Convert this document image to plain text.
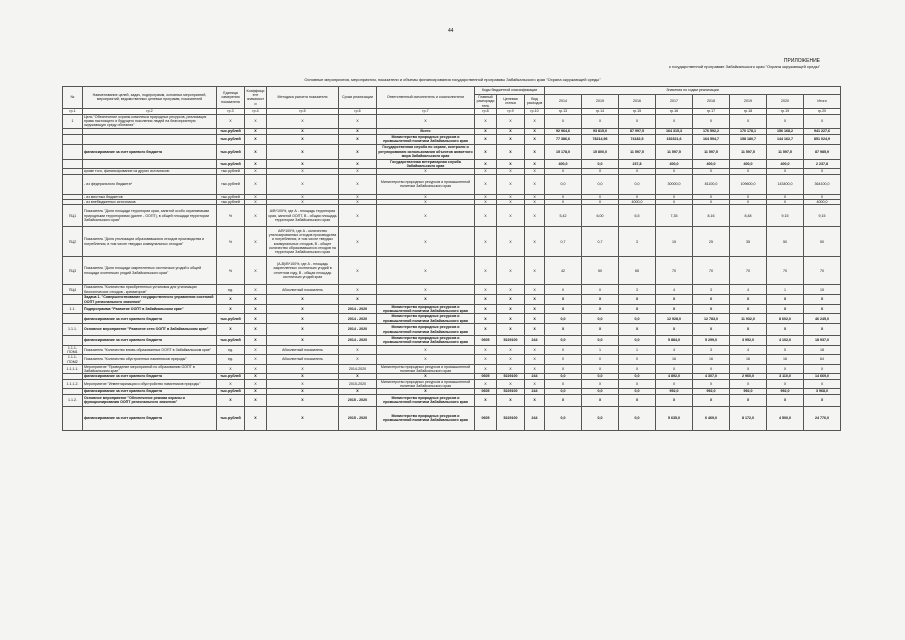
44
ПРИЛОЖЕНИЕ
к государственной программе Забайкальского края "Охрана окружающей среды"
Основные мероприятия, мероприятия, показатели и объемы финансирования государственной программы Забайкальского края "Охрана окружающей среды"
№	Наименование целей, задач, подпрограмм, основных мероприятий, мероприятий, ведомственных целевых программ, показателей	Единица измерения показателя	Коэффициент значимости	Методика расчета показателя	Сроки реализации	Ответственный исполнитель и соисполнители	Коды бюджетной классификации			Значения по годам реализации							
							Главный распорядитель	Целевая статья	Вид расходов	2014	2015	2016	2017	2018	2019	2020	Итого

гр.1	гр.2	гр.3	гр.4	гр.5	гр.6	гр.7	гр.8	гр.9	гр.10	гр.13	гр.14	гр.15	гр.16	гр.17	гр.18	гр.19	гр.20
1	Цель "Обеспечение охраны комплекса природных ресурсов, реализация права настоящего и будущего поколения людей на благоприятную окружающую среду обитания"	X	X	X	X	X	X	X	X	X	X	X	X	X	X	X	X
		тыс.рублей	X	X	X	Всего	X	X	X	92 964,6	93 815,0	87 997,5	164 315,3	176 592,2	170 178,1	156 168,2	941 227,6
		тыс.рублей	X	X	X	Министерство природных ресурсов и промышленной политики Забайкальского края	X	X	X	77 386,6	78214,96	74182,5	152321,6	164 594,7	158 180,7	144 162,7	851 024,9
	финансирование за счет краевого бюджета	тыс.рублей	X	X	X	Государственная служба по охране, контролю и регулированию использования объектов животного мира Забайкальского края	X	X	X	15 178,0	15 800,0	11 597,5	11 597,5	11 597,5	11 597,5	11 597,5	87 985,9
		тыс.рублей	X	X	X	Государственная ветеринарная служба Забайкальского края	X	X	X	400,0	0,0	237,8	400,0	400,0	400,0	400,0	2 237,8
	кроме того, финансирование из других источников:	тыс.рублей	X	X	X	X	X	X	X	X	X	X	X	X	X	X	X
	- из федерального бюджета*	тыс.рублей	X	X	X	Министерство природных ресурсов и промышленной политики Забайкальского края	X	X	X	0,0	0,0	0,0	30000,0	81100,0	109600,0	143400,0	364100,0
	- из местных бюджетов	тыс.рублей	X	X	X	X	X	X	X	0	0	0	0	0	0	0	0
	- из внебюджетных источников	тыс.рублей	X	X	X	X	X	X	X	0	0	4000,0	0	0	0	0	4000,0
ПЦ1	Показатель "Доля площади территории края, занятой особо охраняемыми природными территориями (далее - ООПТ), в общей площади территории Забайкальского края"	%	X	A/B*100%, где А - площадь территории края, занятой ООПТ, В - общая площадь территории Забайкальского края	X	X	X	X	X	5,42	6,00	6,5	7,35	8,16	8,48	9,15	9,15
ПЦ2	Показатель "Доля утилизации образовавшихся отходов производства и потребления, в том числе твердых коммунальных отходов"	%	X	A/B*100%, где А - количество утилизированных отходов производства и потребления, в том числе твердых коммунальных отходов, В - общее количество образовавшихся отходов на территории Забайкальского края	X	X	X	X	X	0,7	0,7	3	15	25	35	50	50
ПЦ3	Показатель "Доля площади закрепленных охотничьих угодий к общей площади охотничьих угодий Забайкальского края"	%	X	(A-B)/B*100%, где А - площадь закрепленных охотничьих угодий в отчетном году, В - общая площадь охотничьих угодий края	X	X	X	X	X	42	50	65	70	70	70	70	70
ПЦ4	Показатель "Количество приобретенных установок для утилизации биологических отходов - крематоров"	ед.	X	Абсолютный показатель	X	X	X	X	X	0	0	3	4	3	4	1	15
	Задача 1. "Совершенствование государственного управления системой ООПТ регионального значения"	X	X	X	X	X	X	X	X	X	X	X	X	X	X	X	X
1.1.	Подпрограмма "Развитие ООПТ в Забайкальском крае"	X	X	X	2014 - 2020	Министерство природных ресурсов и промышленной политики Забайкальского края	X	X	X	X	X	X	X	X	X	X	X
	финансирование за счет краевого бюджета	тыс.рублей	X	X	2014 - 2020	Министерство природных ресурсов и промышленной политики Забайкальского края	X	X	X	0,0	0,0	0,0	12 928,0	12 783,0	11 932,0	8 602,0	46 245,0
1.1.1.	Основное мероприятие "Развитие сети ООПТ в Забайкальском крае"	X	X	X	2014 - 2020	Министерство природных ресурсов и промышленной политики Забайкальского края	X	X	X	X	X	X	X	X	X	X	X
	финансирование за счет краевого бюджета	тыс.рублей	X	X	2014 - 2020	Министерство природных ресурсов и промышленной политики Забайкальского края	0605	5229100	244	0,0	0,0	0,0	5 884,0	5 299,0	3 952,0	4 102,0	18 937,0
1.1.1-ПОМ1	Показатель "Количество вновь образованных ООПТ в Забайкальском крае"	ед.	X	Абсолютный показатель	X	X	X	X	X	0	1	1	4	3	4	5	18
1.1.1-ПОМ2	Показатель "Количество обустроенных памятников природы"	ед.	X	Абсолютный показатель	X	X	X	X	X	0	0	0	16	16	16	16	64
1.1.1.1.	Мероприятие "Проведение мероприятий по образованию ООПТ в Забайкальском крае"	X	X	X	2014-2020	Министерство природных ресурсов и промышленной политики Забайкальского края	X	X	X	X	X	X	X	X	X	X	X
	финансирование за счет краевого бюджета	тыс.рублей	X	X	X	X	0605	5229100	244	0,0	0,0	0,0	4 892,0	4 307,0	2 960,0	3 110,0	14 669,0
1.1.1.2.	Мероприятие "Инвентаризация и обустройство памятников природы"	X	X	X	2015-2020	Министерство природных ресурсов и промышленной политики Забайкальского края	X	X	X	X	X	X	X	X	X	X	X
	финансирование за счет краевого бюджета	тыс.рублей	X	X	X	X	0605	5229100	244	0,0	0,0	0,0	992,0	992,0	992,0	992,0	3 968,0
1.1.2.	Основное мероприятие "Обеспечение режима охраны и функционирования ООПТ регионального значения"	X	X	X	2015 - 2020	Министерство природных ресурсов и промышленной политики Забайкальского края	X	X	X	X	X	X	X	X	X	X	X
	финансирование за счет краевого бюджета	тыс.рублей	X	X	2015 - 2020	Министерство природных ресурсов и промышленной политики Забайкальского края	0605	5229100	244	0,0	0,0	0,0	5 635,0	6 469,0	8 172,0	4 500,0	24 776,0
